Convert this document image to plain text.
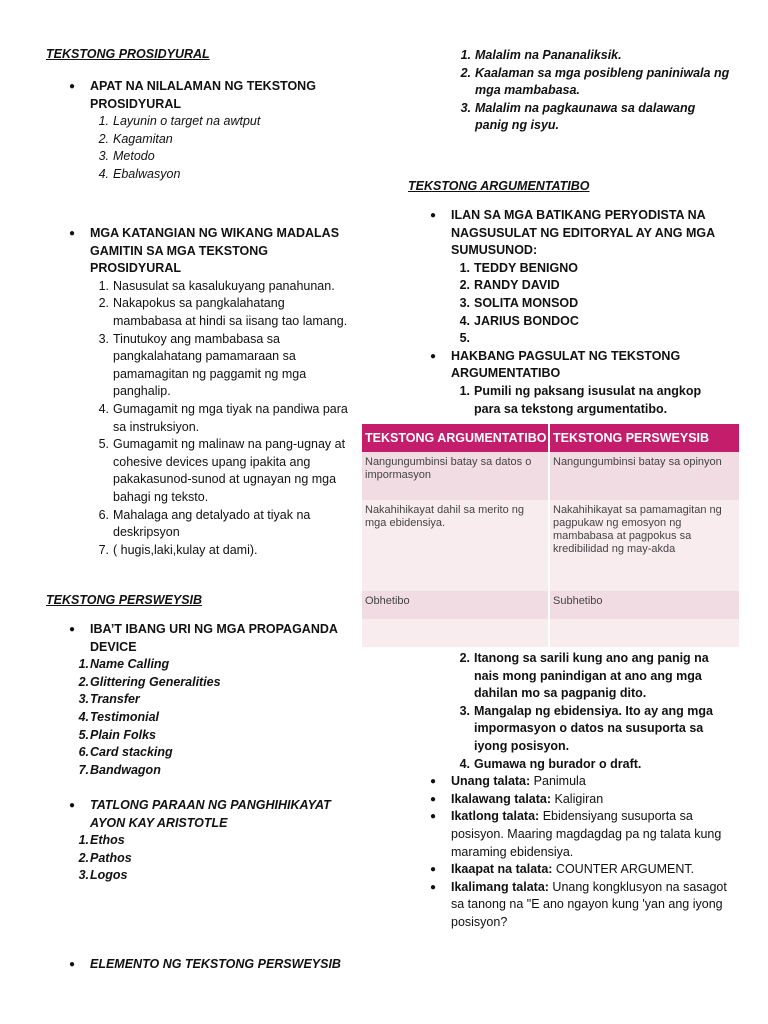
TEKSTONG PROSIDYURAL
● APAT NA NILALAMAN NG TEKSTONG PROSIDYURAL
1. Layunin o target na awtput
2. Kagamitan
3. Metodo
4. Ebalwasyon
● MGA KATANGIAN NG WIKANG MADALAS GAMITIN SA MGA TEKSTONG PROSIDYURAL
1. Nasusulat sa kasalukuyang panahunan.
2. Nakapokus sa pangkalahatang mambabasa at hindi sa iisang tao lamang.
3. Tinutukoy ang mambabasa sa pangkalahatang pamamaraan sa pamamagitan ng paggamit ng mga panghalip.
4. Gumagamit ng mga tiyak na pandiwa para sa instruksiyon.
5. Gumagamit ng malinaw na pang-ugnay at cohesive devices upang ipakita ang pakakasunod-sunod at ugnayan ng mga bahagi ng teksto.
6. Mahalaga ang detalyado at tiyak na deskripsyon
7. ( hugis,laki,kulay at dami).
TEKSTONG PERSWEYSIB
● IBA’T IBANG URI NG MGA PROPAGANDA DEVICE
1. Name Calling
2. Glittering Generalities
3. Transfer
4. Testimonial
5. Plain Folks
6. Card stacking
7. Bandwagon
● TATLONG PARAAN NG PANGHIHIKAYAT AYON KAY ARISTOTLE
1. Ethos
2. Pathos
3. Logos
● ELEMENTO NG TEKSTONG PERSWEYSIB
1. Malalim na Pananaliksik.
2. Kaalaman sa mga posibleng paniniwala ng mga mambabasa.
3. Malalim na pagkaunawa sa dalawang panig ng isyu.
TEKSTONG ARGUMENTATIBO
● ILAN SA MGA BATIKANG PERYODISTA NA NAGSUSULAT NG EDITORYAL AY ANG MGA SUMUSUNOD:
1. TEDDY BENIGNO
2. RANDY DAVID
3. SOLITA MONSOD
4. JARIUS BONDOC
5.
● HAKBANG PAGSULAT NG TEKSTONG ARGUMENTATIBO
1. Pumili ng paksang isusulat na angkop para sa tekstong argumentatibo.
TEKSTONG ARGUMENTATIBO TEKSTONG PERSWEYSIB
Nangungumbinsi batay sa datos o impormasyon
Nangungumbinsi batay sa opinyon
Nakahihikayat dahil sa merito ng mga ebidensiya.
Nakahihikayat sa pamamagitan ng pagpukaw ng emosyon ng mambabasa at pagpokus sa kredibilidad ng may-akda
Obhetibo	Subhetibo
2. Itanong sa sarili kung ano ang panig na nais mong panindigan at ano ang mga dahilan mo sa pagpanig dito.
3. Mangalap ng ebidensiya. Ito ay ang mga impormasyon o datos na susuporta sa iyong posisyon.
4. Gumawa ng burador o draft.
● Unang talata: Panimula
● Ikalawang talata: Kaligiran
● Ikatlong talata: Ebidensiyang susuporta sa posisyon. Maaring magdagdag pa ng talata kung maraming ebidensiya.
● Ikaapat na talata: COUNTER ARGUMENT.
● Ikalimang talata: Unang kongklusyon na sasagot sa tanong na "E ano ngayon kung 'yan ang iyong posisyon?
